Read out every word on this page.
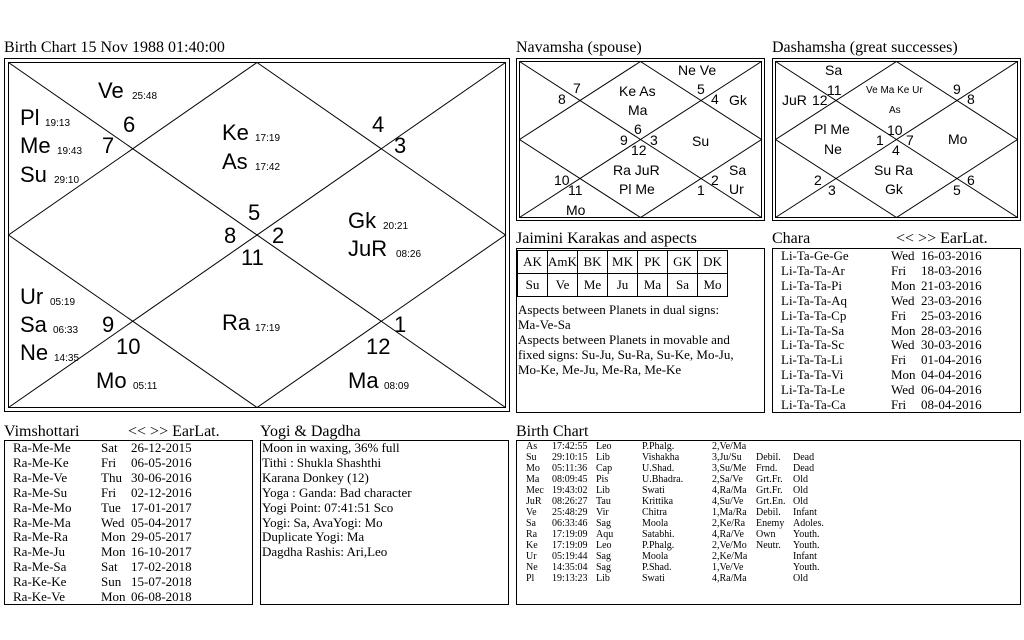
Birth Chart 15 Nov 1988 01:40:00	Navamsha (spouse)	Dashamsha (great successes)
Ve 25:48
Pl 19:13
Me 19:43
Su 29:10
Ke 17:19
As 17:42
Gk 20:21
JuR 08:26
Ur 05:19
Sa 06:33
Ne 14:35
Mo 05:11
Ra 17:19
Ma 08:09
4
5
6
7
8
9
10
11
12
1
2
3
Ne Ve
Ke As
Ma
Gk
Su
Ra JuR
Pl Me
Sa
Ur
Mo
7
8
5
4
6
9 3
12
10
11
2
1
Sa
JuR
Ve Ma Ke Ur
As
Pl Me
Ne
Mo
Su Ra
Gk
12
11	9
8
10
1 7
4
2
3	5
6
Jaimini Karakas and aspects
AK	AmK	BK	MK	PK	GK	DK
Su	Ve	Me	Ju	Ma	Sa	Mo
Aspects between Planets in dual signs:
Ma-Ve-Sa
Aspects between Planets in movable and
fixed signs: Su-Ju, Su-Ra, Su-Ke, Mo-Ju,
Mo-Ke, Me-Ju, Me-Ra, Me-Ke
Chara	<< >> EarLat.
Li-Ta-Ge-Ge	Wed 16-03-2016
Li-Ta-Ta-Ar	Fri 18-03-2016
Li-Ta-Ta-Pi	Mon 21-03-2016
Li-Ta-Ta-Aq	Wed 23-03-2016
Li-Ta-Ta-Cp	Fri 25-03-2016
Li-Ta-Ta-Sa	Mon 28-03-2016
Li-Ta-Ta-Sc	Wed 30-03-2016
Li-Ta-Ta-Li	Fri 01-04-2016
Li-Ta-Ta-Vi	Mon 04-04-2016
Li-Ta-Ta-Le	Wed 06-04-2016
Li-Ta-Ta-Ca	Fri 08-04-2016
Vimshottari	<< >> EarLat.
Ra-Me-Me Sat 26-12-2015
Ra-Me-Ke Fri 06-05-2016
Ra-Me-Ve	Thu 30-06-2016
Ra-Me-Su	Fri 02-12-2016
Ra-Me-Mo Tue 17-01-2017
Ra-Me-Ma Wed 05-04-2017
Ra-Me-Ra	Mon 29-05-2017
Ra-Me-Ju	Mon 16-10-2017
Ra-Me-Sa	Sat 17-02-2018
Ra-Ke-Ke	Sun 15-07-2018
Ra-Ke-Ve	Mon 06-08-2018
Yogi & Dagdha
Moon in waxing, 36% full
Tithi : Shukla Shashthi
Karana Donkey (12)
Yoga : Ganda: Bad character
Yogi Point: 07:41:51 Sco
Yogi: Sa, AvaYogi: Mo
Duplicate Yogi: Ma
Dagdha Rashis: Ari,Leo
Birth Chart
As 17:42:55 Leo	P.Phalg.	2,Ve/Ma
Su 29:10:15 Lib	Vishakha	3,Ju/Su Debil. Dead
Mo 05:11:36 Cap	U.Shad.	3,Su/Me Frnd. Dead
Ma 08:09:45 Pis	U.Bhadra.	2,Sa/Ve Grt.Fr. Old
Mec 19:43:02 Lib	Swati	4,Ra/Ma Grt.Fr. Old
JuR 08:26:27 Tau	Krittika	4,Su/Ve Grt.En. Old
Ve 25:48:29 Vir	Chitra	1,Ma/Ra Debil. Infant
Sa 06:33:46 Sag	Moola	2,Ke/Ra Enemy Adoles.
Ra 17:19:09 Aqu	Satabhi.	4,Ra/Ve Own Youth.
Ke 17:19:09 Leo	P.Phalg.	2,Ve/Mo Neutr. Youth.
Ur 05:19:44 Sag	Moola	2,Ke/Ma	Infant
Ne 14:35:04 Sag	P.Shad.	1,Ve/Ve	Youth.
Pl 19:13:23 Lib	Swati	4,Ra/Ma	Old
